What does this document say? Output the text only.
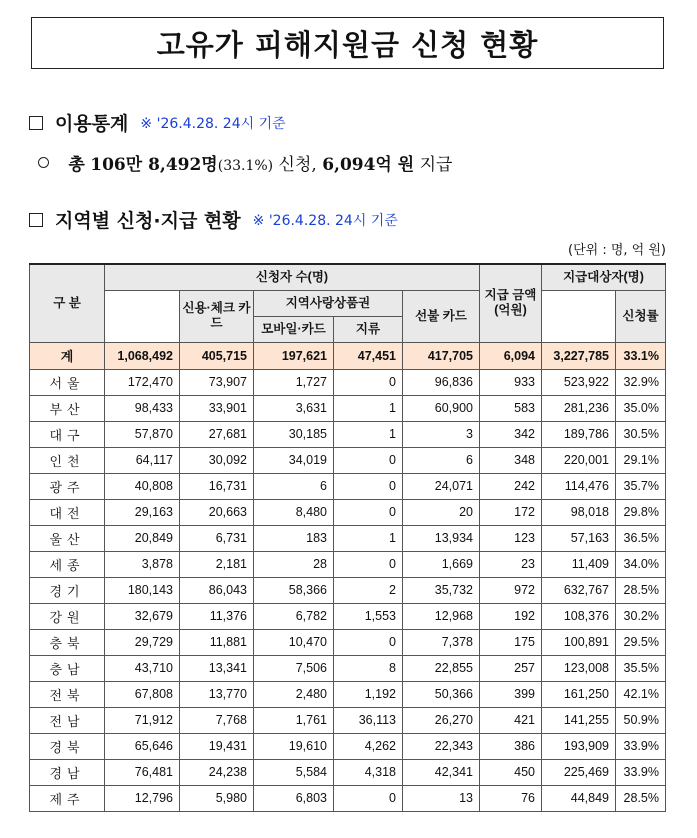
고유가 피해지원금 신청 현황
이용통계 ※ '26.4.28. 24시 기준
총 106만 8,492명(33.1%) 신청, 6,094억 원 지급
지역별 신청·지급 현황 ※ '26.4.28. 24시 기준
(단위 : 명, 억 원)
구 분	신청자 수(명)					지급 금액 (억원)	지급대상자(명)	
		신용·체크 카드	지역사랑상품권		선불 카드			신청률
			모바일·카드	지류				
계	1,068,492	405,715	197,621	47,451	417,705	6,094	3,227,785	33.1%
서울	172,470	73,907	1,727	0	96,836	933	523,922	32.9%
부산	98,433	33,901	3,631	1	60,900	583	281,236	35.0%
대구	57,870	27,681	30,185	1	3	342	189,786	30.5%
인천	64,117	30,092	34,019	0	6	348	220,001	29.1%
광주	40,808	16,731	6	0	24,071	242	114,476	35.7%
대전	29,163	20,663	8,480	0	20	172	98,018	29.8%
울산	20,849	6,731	183	1	13,934	123	57,163	36.5%
세종	3,878	2,181	28	0	1,669	23	11,409	34.0%
경기	180,143	86,043	58,366	2	35,732	972	632,767	28.5%
강원	32,679	11,376	6,782	1,553	12,968	192	108,376	30.2%
충북	29,729	11,881	10,470	0	7,378	175	100,891	29.5%
충남	43,710	13,341	7,506	8	22,855	257	123,008	35.5%
전북	67,808	13,770	2,480	1,192	50,366	399	161,250	42.1%
전남	71,912	7,768	1,761	36,113	26,270	421	141,255	50.9%
경북	65,646	19,431	19,610	4,262	22,343	386	193,909	33.9%
경남	76,481	24,238	5,584	4,318	42,341	450	225,469	33.9%
제주	12,796	5,980	6,803	0	13	76	44,849	28.5%
